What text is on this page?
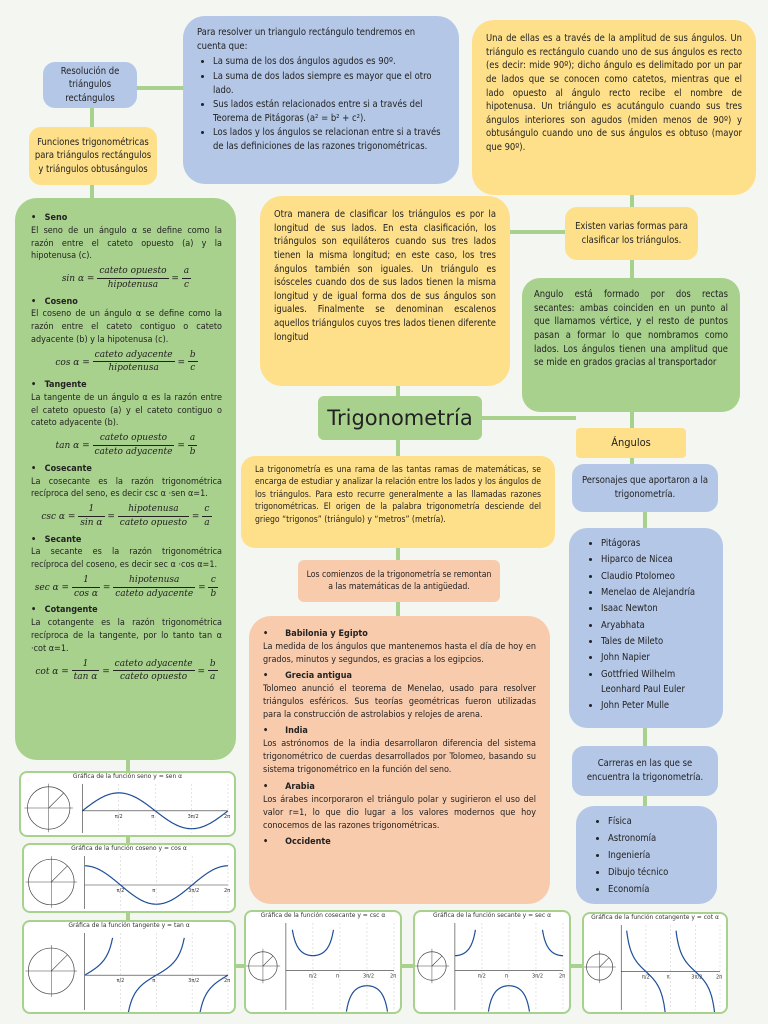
Resolución de triángulos rectángulos
Para resolver un triangulo rectángulo tendremos en cuenta que:
• La suma de los dos ángulos agudos es 90º.
• La suma de dos lados siempre es mayor que el otro lado.
• Sus lados están relacionados entre si a través del Teorema de Pitágoras (a² = b² + c²).
• Los lados y los ángulos se relacionan entre si a través de las definiciones de las razones trigonométricas.
Funciones trigonométricas para triángulos rectángulos y triángulos obtusángulos
•   Seno
El seno de un ángulo α se define como la razón entre el cateto opuesto (a) y la hipotenusa (c).
$\sin \alpha = \frac{\text{cateto opuesto}}{\text{hipotenusa}} = \frac{a}{c}$
•   Coseno
El coseno de un ángulo α se define como la razón entre el cateto contiguo o cateto adyacente (b) y la hipotenusa (c).
$\cos \alpha = \frac{\text{cateto adyacente}}{\text{hipotenusa}} = \frac{b}{c}$
•   Tangente
La tangente de un ángulo α es la razón entre el cateto opuesto (a) y el cateto contiguo o cateto adyacente (b).
$\tan \alpha = \frac{\text{cateto opuesto}}{\text{cateto adyacente}} = \frac{a}{b}$
•   Cosecante
La cosecante es la razón trigonométrica recíproca del seno, es decir csc α ·sen α=1.
$\csc \alpha = \frac{1}{\text{sin α}} = \frac{\text{hipotenusa}}{\text{cateto opuesto}} = \frac{c}{a}$
•   Secante
La secante es la razón trigonométrica recíproca del coseno, es decir sec α ·cos α=1.
$\sec \alpha = \frac{1}{\text{cos α}} = \frac{\text{hipotenusa}}{\text{cateto adyacente}} = \frac{c}{b}$
•   Cotangente
La cotangente es la razón trigonométrica recíproca de la tangente, por lo tanto tan α ·cot α=1.
$\cot \alpha = \frac{1}{\text{tan α}} = \frac{\text{cateto adyacente}}{\text{cateto opuesto}} = \frac{b}{a}$
Una de ellas es a través de la amplitud de sus ángulos. Un triángulo es rectángulo cuando uno de sus ángulos es recto (es decir: mide 90º); dicho ángulo es delimitado por un par de lados que se conocen como catetos, mientras que el lado opuesto al ángulo recto recibe el nombre de hipotenusa. Un triángulo es acutángulo cuando sus tres ángulos interiores son agudos (miden menos de 90º) y obtusángulo cuando uno de sus ángulos es obtuso (mayor que 90º).
Otra manera de clasificar los triángulos es por la longitud de sus lados. En esta clasificación, los triángulos son equiláteros cuando sus tres lados tienen la misma longitud; en este caso, los tres ángulos también son iguales. Un triángulo es isósceles cuando dos de sus lados tienen la misma longitud y de igual forma dos de sus ángulos son iguales. Finalmente se denominan escalenos aquellos triángulos cuyos tres lados tienen diferente longitud
Existen varias formas para clasificar los triángulos.
Angulo está formado por dos rectas secantes: ambas coinciden en un punto al que llamamos vértice, y el resto de puntos pasan a formar lo que nombramos como lados. Los ángulos tienen una amplitud que se mide en grados gracias al transportador
Ángulos
Trigonometría
La trigonometría es una rama de las tantas ramas de matemáticas, se encarga de estudiar y analizar la relación entre los lados y los ángulos de los triángulos. Para esto recurre generalmente a las llamadas razones trigonométricas. El origen de la palabra trigonometría desciende del griego “trigonos” (triángulo) y “metros” (metría).
Los comienzos de la trigonometría se remontan a las matemáticas de la antigüedad.
•      Babilonia y Egipto
La medida de los ángulos que mantenemos hasta el día de hoy en grados, minutos y segundos, es gracias a los egipcios.
•      Grecia antigua
Tolomeo anunció el teorema de Menelao, usado para resolver triángulos esféricos. Sus teorías geométricas fueron utilizadas para la construcción de astrolabios y relojes de arena.
•      India
Los astrónomos de la india desarrollaron diferencia del sistema trigonométrico de cuerdas desarrollados por Tolomeo, basando su sistema trigonométrico en la función del seno.
•      Arabia
Los árabes incorporaron el triángulo polar y sugirieron el uso del valor r=1, lo que dio lugar a los valores modernos que hoy conocemos de las razones trigonométricas.
•      Occidente
Personajes que aportaron a la trigonometría.
• Pitágoras
• Hiparco de Nicea
• Claudio Ptolomeo
• Menelao de Alejandría
• Isaac Newton
• Aryabhata
• Tales de Mileto
• John Napier
• Gottfried Wilhelm Leonhard Paul Euler
• John Peter Mulle
Carreras en las que se encuentra la trigonometría.
• Física
• Astronomía
• Ingeniería
• Dibujo técnico
• Economía
Gráfica de la función seno y = sen α
π/2	π	3π/2	2π
Gráfica de la función coseno y = cos α
π/2	π	3π/2	2π
Gráfica de la función tangente y = tan α
π/2	π	3π/2	2π
Gráfica de la función cosecante y = csc α
π/2	π	3π/2	2π
Gráfica de la función secante y = sec α
π/2	π	3π/2	2π
Gráfica de la función cotangente y = cot α
π/2	π	3π/2	2π
